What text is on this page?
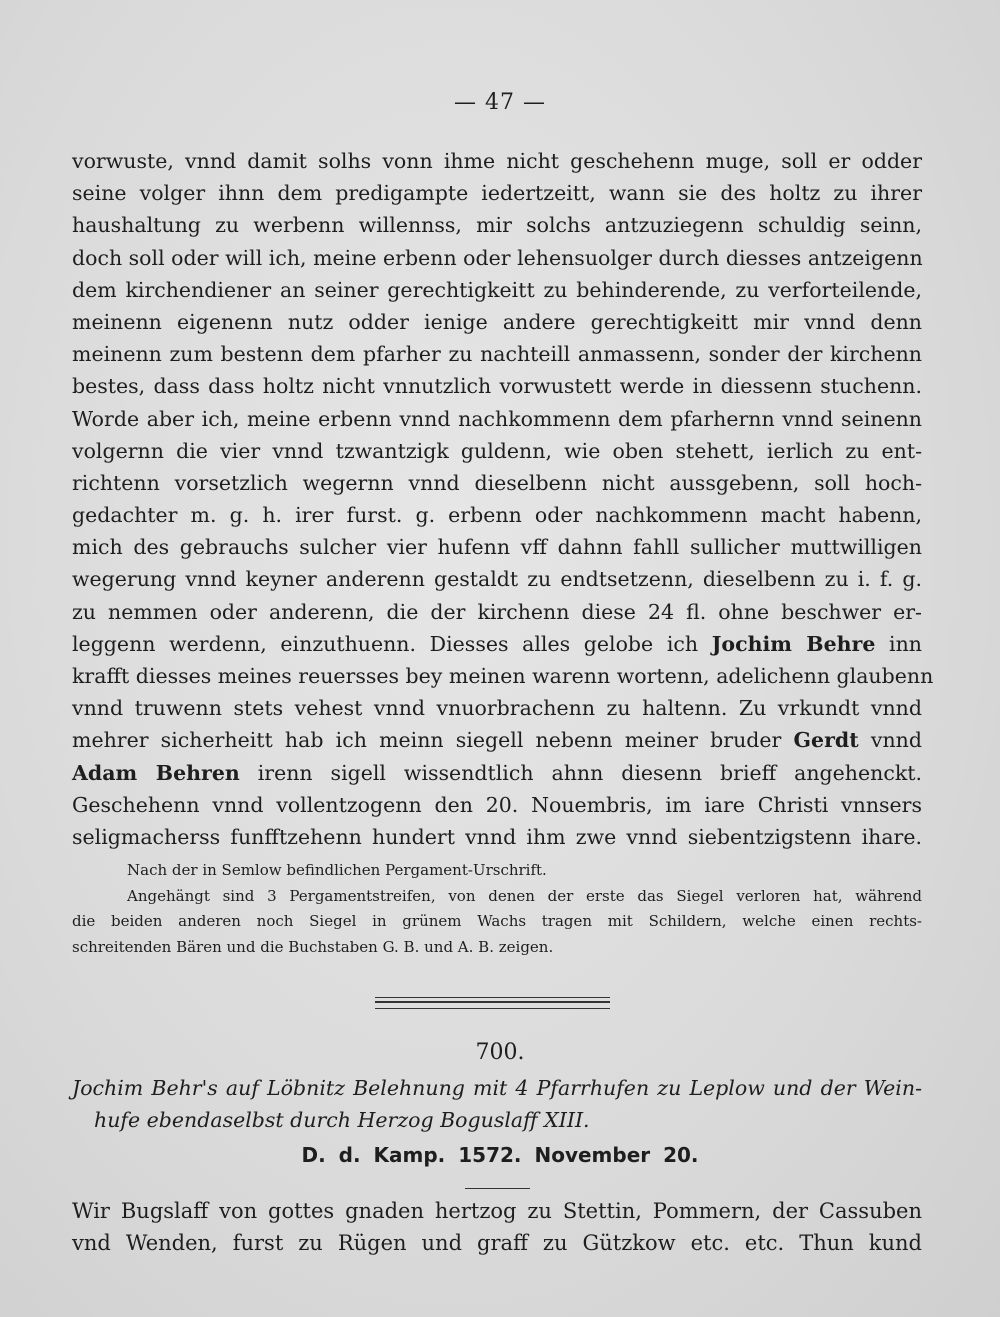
— 47 —
vorwuste, vnnd damit solhs vonn ihme nicht geschehenn muge, soll er odder
seine volger ihnn dem predigampte iedertzeitt, wann sie des holtz zu ihrer
haushaltung zu werbenn willennss, mir solchs antzuziegenn schuldig seinn,
doch soll oder will ich, meine erbenn oder lehensuolger durch diesses antzeigenn
dem kirchendiener an seiner gerechtigkeitt zu behinderende, zu verforteilende,
meinenn eigenenn nutz odder ienige andere gerechtigkeitt mir vnnd denn
meinenn zum bestenn dem pfarher zu nachteill anmassenn, sonder der kirchenn
bestes, dass dass holtz nicht vnnutzlich vorwustett werde in diessenn stuchenn.
Worde aber ich, meine erbenn vnnd nachkommenn dem pfarhernn vnnd seinenn
volgernn die vier vnnd tzwantzigk guldenn, wie oben stehett, ierlich zu ent-
richtenn vorsetzlich wegernn vnnd dieselbenn nicht aussgebenn, soll hoch-
gedachter m. g. h. irer furst. g. erbenn oder nachkommenn macht habenn,
mich des gebrauchs sulcher vier hufenn vff dahnn fahll sullicher muttwilligen
wegerung vnnd keyner anderenn gestaldt zu endtsetzenn, dieselbenn zu i. f. g.
zu nemmen oder anderenn, die der kirchenn diese 24 fl. ohne beschwer er-
leggenn werdenn, einzuthuenn. Diesses alles gelobe ich Jochim Behre inn
krafft diesses meines reuersses bey meinen warenn wortenn, adelichenn glaubenn
vnnd truwenn stets vehest vnnd vnuorbrachenn zu haltenn. Zu vrkundt vnnd
mehrer sicherheitt hab ich meinn siegell nebenn meiner bruder Gerdt vnnd
Adam Behren irenn sigell wissendtlich ahnn diesenn brieff angehenckt.
Geschehenn vnnd vollentzogenn den 20. Nouembris, im iare Christi vnnsers
seligmacherss funfftzehenn hundert vnnd ihm zwe vnnd siebentzigstenn ihare.
Nach der in Semlow befindlichen Pergament-Urschrift.
Angehängt sind 3 Pergamentstreifen, von denen der erste das Siegel verloren hat, während
die beiden anderen noch Siegel in grünem Wachs tragen mit Schildern, welche einen rechts-
schreitenden Bären und die Buchstaben G. B. und A. B. zeigen.
700.
Jochim Behr's auf Löbnitz Belehnung mit 4 Pfarrhufen zu Leplow und der Wein-
hufe ebendaselbst durch Herzog Boguslaff XIII.
D. d. Kamp. 1572. November 20.
Wir Bugslaff von gottes gnaden hertzog zu Stettin, Pommern, der Cassuben
vnd Wenden, furst zu Rügen und graff zu Gützkow etc. etc. Thun kund
